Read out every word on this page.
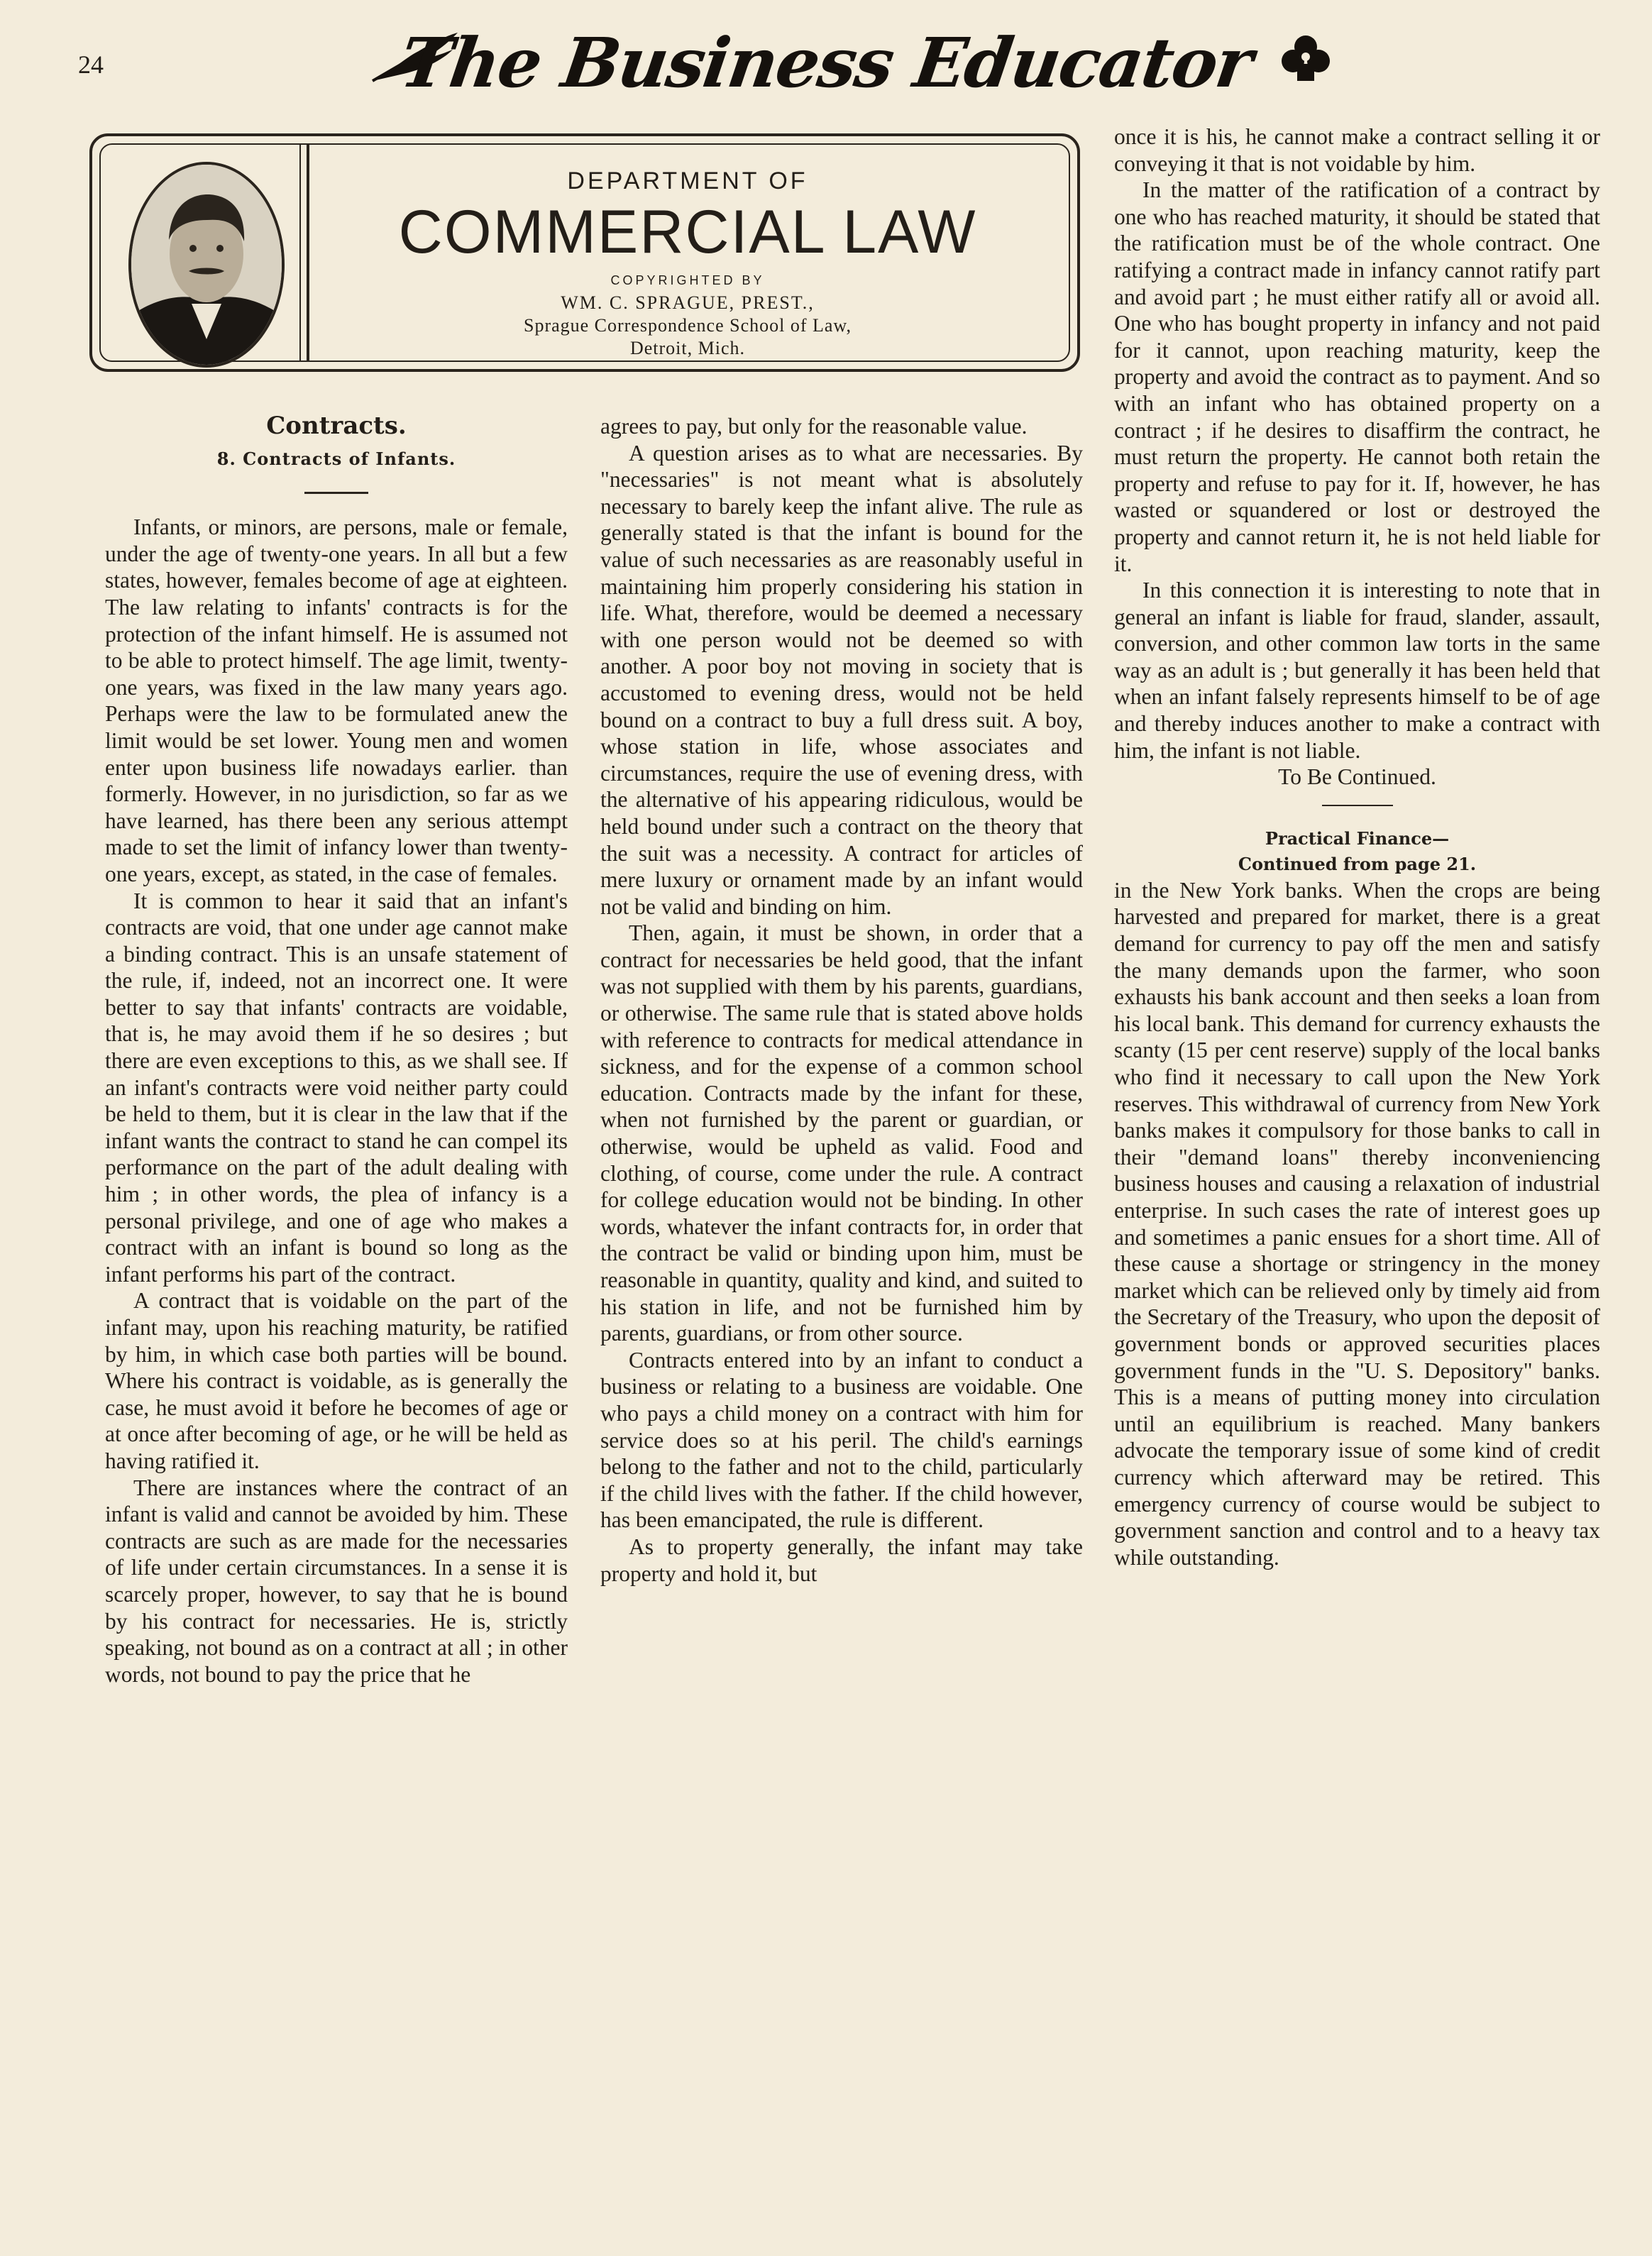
24	The Business Educator
DEPARTMENT OF
COMMERCIAL LAW
COPYRIGHTED BY
WM. C. SPRAGUE, PREST.,
Sprague Correspondence School of Law,
Detroit, Mich.
Contracts.
8. Contracts of Infants.

Infants, or minors, are persons, male or female, under the age of twenty-one years. In all but a few states, however, females become of age at eighteen. The law relating to infants' contracts is for the protection of the infant himself. He is assumed not to be able to protect himself. The age limit, twenty-one years, was fixed in the law many years ago. Perhaps were the law to be formulated anew the limit would be set lower. Young men and women enter upon business life nowadays earlier. than formerly. However, in no jurisdiction, so far as we have learned, has there been any serious attempt made to set the limit of infancy lower than twenty-one years, except, as stated, in the case of females.

It is common to hear it said that an infant's contracts are void, that one under age cannot make a binding contract. This is an unsafe statement of the rule, if, indeed, not an incorrect one. It were better to say that infants' contracts are voidable, that is, he may avoid them if he so desires ; but there are even exceptions to this, as we shall see. If an infant's contracts were void neither party could be held to them, but it is clear in the law that if the infant wants the contract to stand he can compel its performance on the part of the adult dealing with him ; in other words, the plea of infancy is a personal privilege, and one of age who makes a contract with an infant is bound so long as the infant performs his part of the contract.

A contract that is voidable on the part of the infant may, upon his reaching maturity, be ratified by him, in which case both parties will be bound. Where his contract is voidable, as is generally the case, he must avoid it before he becomes of age or at once after becoming of age, or he will be held as having ratified it.

There are instances where the contract of an infant is valid and cannot be avoided by him. These contracts are such as are made for the necessaries of life under certain circumstances. In a sense it is scarcely proper, however, to say that he is bound by his contract for necessaries. He is, strictly speaking, not bound as on a contract at all ; in other words, not bound to pay the price that he

agrees to pay, but only for the reasonable value.

A question arises as to what are necessaries. By "necessaries" is not meant what is absolutely necessary to barely keep the infant alive. The rule as generally stated is that the infant is bound for the value of such necessaries as are reasonably useful in maintaining him properly considering his station in life. What, therefore, would be deemed a necessary with one person would not be deemed so with another. A poor boy not moving in society that is accustomed to evening dress, would not be held bound on a contract to buy a full dress suit. A boy, whose station in life, whose associates and circumstances, require the use of evening dress, with the alternative of his appearing ridiculous, would be held bound under such a contract on the theory that the suit was a necessity. A contract for articles of mere luxury or ornament made by an infant would not be valid and binding on him.

Then, again, it must be shown, in order that a contract for necessaries be held good, that the infant was not supplied with them by his parents, guardians, or otherwise. The same rule that is stated above holds with reference to contracts for medical attendance in sickness, and for the expense of a common school education. Contracts made by the infant for these, when not furnished by the parent or guardian, or otherwise, would be upheld as valid. Food and clothing, of course, come under the rule. A contract for college education would not be binding. In other words, whatever the infant contracts for, in order that the contract be valid or binding upon him, must be reasonable in quantity, quality and kind, and suited to his station in life, and not be furnished him by parents, guardians, or from other source.

Contracts entered into by an infant to conduct a business or relating to a business are voidable. One who pays a child money on a contract with him for service does so at his peril. The child's earnings belong to the father and not to the child, particularly if the child lives with the father. If the child however, has been emancipated, the rule is different.

As to property generally, the infant may take property and hold it, but

once it is his, he cannot make a contract selling it or conveying it that is not voidable by him.

In the matter of the ratification of a contract by one who has reached maturity, it should be stated that the ratification must be of the whole contract. One ratifying a contract made in infancy cannot ratify part and avoid part ; he must either ratify all or avoid all. One who has bought property in infancy and not paid for it cannot, upon reaching maturity, keep the property and avoid the contract as to payment. And so with an infant who has obtained property on a contract ; if he desires to disaffirm the contract, he must return the property. He cannot both retain the property and refuse to pay for it. If, however, he has wasted or squandered or lost or destroyed the property and cannot return it, he is not held liable for it.

In this connection it is interesting to note that in general an infant is liable for fraud, slander, assault, conversion, and other common law torts in the same way as an adult is ; but generally it has been held that when an infant falsely represents himself to be of age and thereby induces another to make a contract with him, the infant is not liable.

To Be Continued.

Practical Finance—
Continued from page 21.

in the New York banks. When the crops are being harvested and prepared for market, there is a great demand for currency to pay off the men and satisfy the many demands upon the farmer, who soon exhausts his bank account and then seeks a loan from his local bank. This demand for currency exhausts the scanty (15 per cent reserve) supply of the local banks who find it necessary to call upon the New York reserves. This withdrawal of currency from New York banks makes it compulsory for those banks to call in their "demand loans" thereby inconveniencing business houses and causing a relaxation of industrial enterprise. In such cases the rate of interest goes up and sometimes a panic ensues for a short time. All of these cause a shortage or stringency in the money market which can be relieved only by timely aid from the Secretary of the Treasury, who upon the deposit of government bonds or approved securities places government funds in the "U. S. Depository" banks. This is a means of putting money into circulation until an equilibrium is reached. Many bankers advocate the temporary issue of some kind of credit currency which afterward may be retired. This emergency currency of course would be subject to government sanction and control and to a heavy tax while outstanding.
